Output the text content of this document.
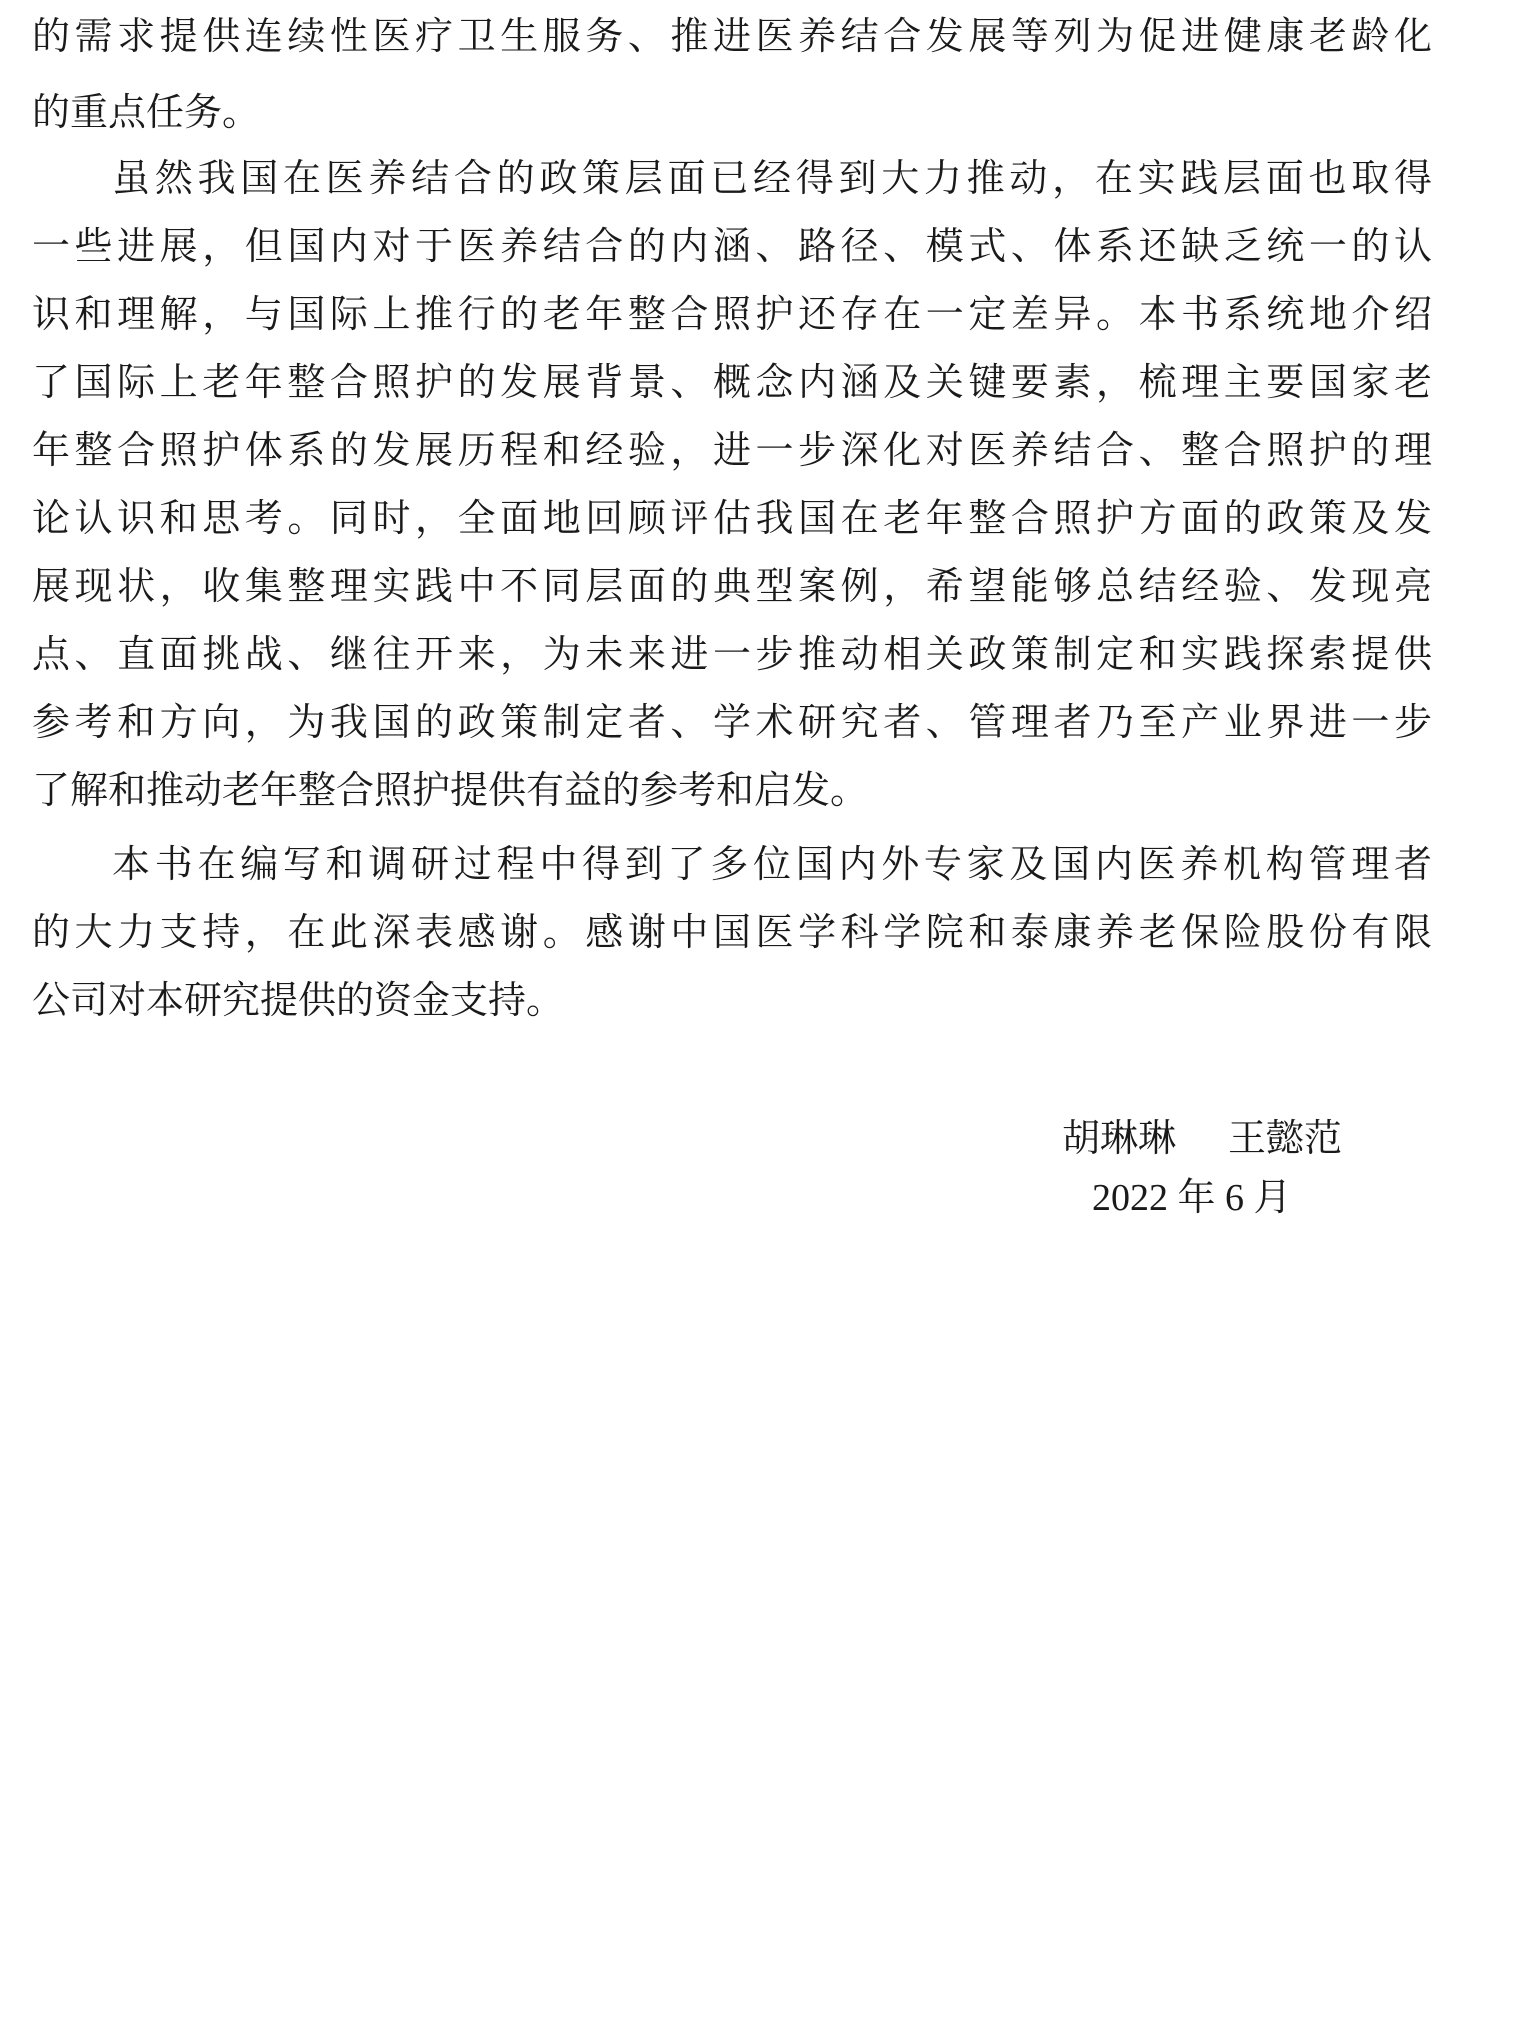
的需求提供连续性医疗卫生服务、推进医养结合发展等列为促进健康老龄化

的重点任务。

虽然我国在医养结合的政策层面已经得到大力推动，在实践层面也取得

一些进展，但国内对于医养结合的内涵、路径、模式、体系还缺乏统一的认

识和理解，与国际上推行的老年整合照护还存在一定差异。本书系统地介绍

了国际上老年整合照护的发展背景、概念内涵及关键要素，梳理主要国家老

年整合照护体系的发展历程和经验，进一步深化对医养结合、整合照护的理

论认识和思考。同时，全面地回顾评估我国在老年整合照护方面的政策及发

展现状，收集整理实践中不同层面的典型案例，希望能够总结经验、发现亮

点、直面挑战、继往开来，为未来进一步推动相关政策制定和实践探索提供

参考和方向，为我国的政策制定者、学术研究者、管理者乃至产业界进一步

了解和推动老年整合照护提供有益的参考和启发。

本书在编写和调研过程中得到了多位国内外专家及国内医养机构管理者

的大力支持，在此深表感谢。感谢中国医学科学院和泰康养老保险股份有限

公司对本研究提供的资金支持。

胡琳琳 王懿范
2022 年 6 月
